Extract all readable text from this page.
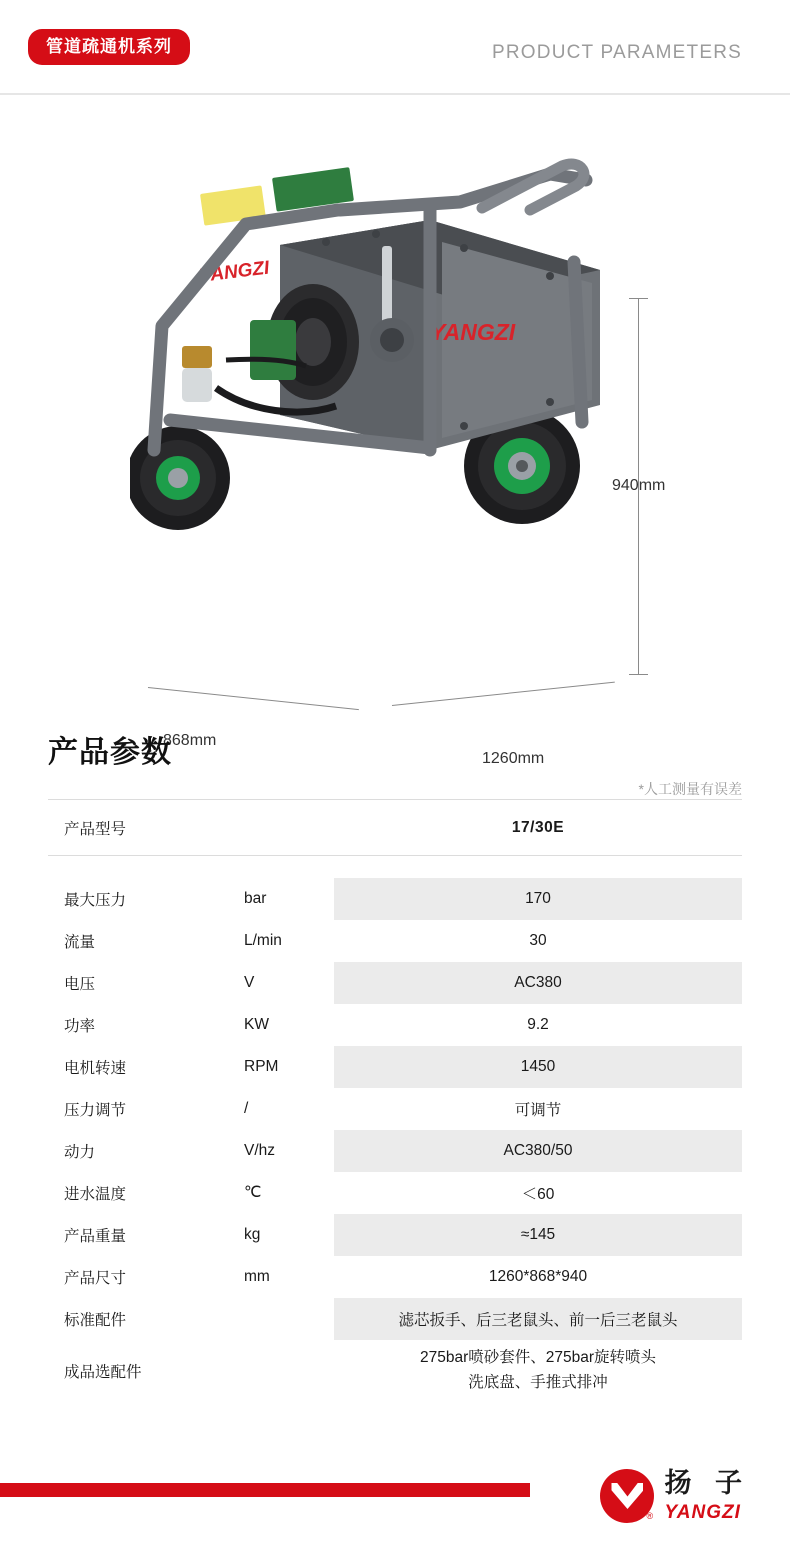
管道疏通机系列	PRODUCT PARAMETERS
YANGZI
YANGZI
940mm
868mm
1260mm
产品参数
*人工测量有误差
产品型号		17/30E

最大压力	bar	170
流量	L/min	30
电压	V	AC380
功率	KW	9.2
电机转速	RPM	1450
压力调节	/	可调节
动力	V/hz	AC380/50
进水温度	℃	＜60
产品重量	kg	≈145
产品尺寸	mm	1260*868*940
标准配件		滤芯扳手、后三老鼠头、前一后三老鼠头
成品选配件		275bar喷砂套件、275bar旋转喷头
洗底盘、手推式排冲
®
扬 子
YANGZI
